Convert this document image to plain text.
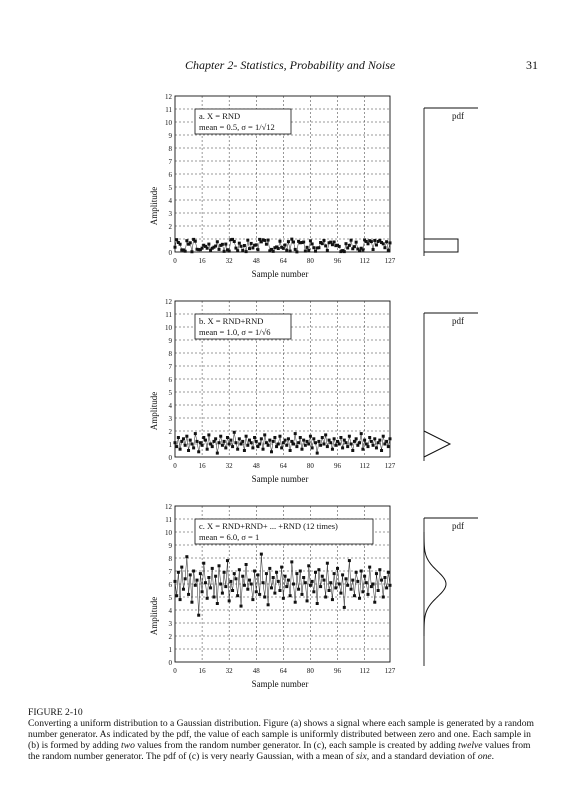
Chapter 2- Statistics, Probability and Noise	31
0
1
2
3
4
5
6
7
8
9
10
11
12
0	16	32	48	64	80	96	112 127
a. X = RND
mean = 0.5, σ = 1/√12
Amplitude
Sample number
pdf
0
1
2
3
4
5
6
7
8
9
10
11
12
0	16	32	48	64	80	96	112 127
b. X = RND+RND
mean = 1.0, σ = 1/√6
Amplitude
Sample number
pdf
0
1
2
3
4
5
6
7
8
9
10
11
12
0	16	32	48	64	80	96	112 127
c. X = RND+RND+ ... +RND (12 times)
mean = 6.0, σ = 1
Amplitude
Sample number
pdf
FIGURE 2-10
Converting a uniform distribution to a Gaussian distribution. Figure (a) shows a signal where each sample is generated by a random number generator. As indicated by the pdf, the value of each sample is uniformly distributed between zero and one. Each sample in (b) is formed by adding two values from the random number generator. In (c), each sample is created by adding twelve values from the random number generator. The pdf of (c) is very nearly Gaussian, with a mean of six, and a standard deviation of one.
